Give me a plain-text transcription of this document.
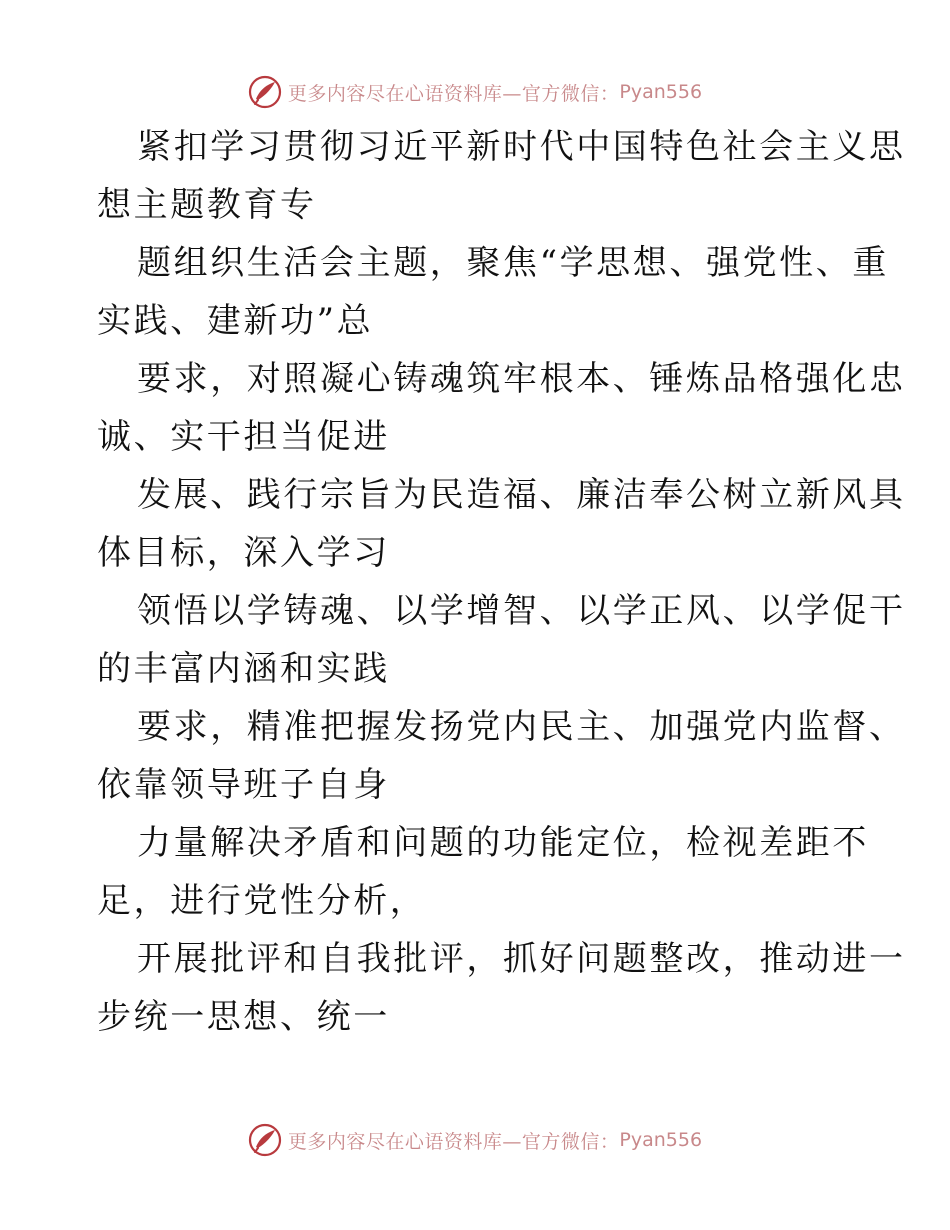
更多内容尽在心语资料库—官方微信： Pyan556

紧扣学习贯彻习近平新时代中国特色社会主义思
想主题教育专

题组织生活会主题，聚焦“学思想、强党性、重
实践、建新功”总

要求，对照凝心铸魂筑牢根本、锤炼品格强化忠
诚、实干担当促进

发展、践行宗旨为民造福、廉洁奉公树立新风具
体目标，深入学习

领悟以学铸魂、以学增智、以学正风、以学促干
的丰富内涵和实践

要求，精准把握发扬党内民主、加强党内监督、
依靠领导班子自身

力量解决矛盾和问题的功能定位，检视差距不
足，进行党性分析，

开展批评和自我批评，抓好问题整改，推动进一
步统一思想、统一

更多内容尽在心语资料库—官方微信： Pyan556
